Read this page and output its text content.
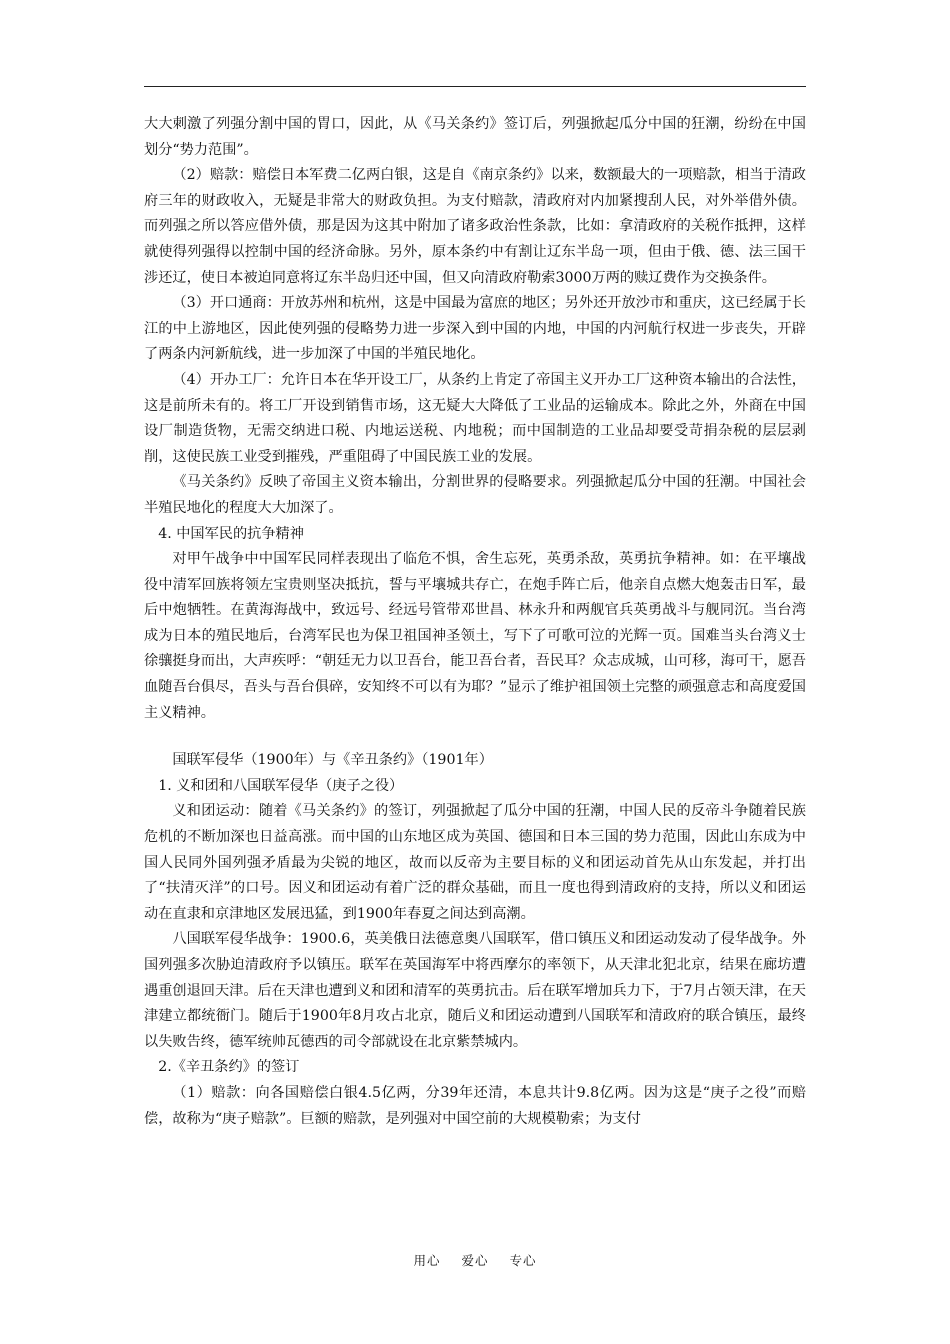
大大刺激了列强分割中国的胃口，因此，从《马关条约》签订后，列强掀起瓜分中国的狂潮，纷纷在中国划分“势力范围”。

（2）赔款：赔偿日本军费二亿两白银，这是自《南京条约》以来，数额最大的一项赔款，相当于清政府三年的财政收入，无疑是非常大的财政负担。为支付赔款，清政府对内加紧搜刮人民，对外举借外债。而列强之所以答应借外债，那是因为这其中附加了诸多政治性条款，比如：拿清政府的关税作抵押，这样就使得列强得以控制中国的经济命脉。另外，原本条约中有割让辽东半岛一项，但由于俄、德、法三国干涉还辽，使日本被迫同意将辽东半岛归还中国，但又向清政府勒索3000万两的赎辽费作为交换条件。

（3）开口通商：开放苏州和杭州，这是中国最为富庶的地区；另外还开放沙市和重庆，这已经属于长江的中上游地区，因此使列强的侵略势力进一步深入到中国的内地，中国的内河航行权进一步丧失，开辟了两条内河新航线，进一步加深了中国的半殖民地化。

（4）开办工厂：允许日本在华开设工厂，从条约上肯定了帝国主义开办工厂这种资本输出的合法性，这是前所未有的。将工厂开设到销售市场，这无疑大大降低了工业品的运输成本。除此之外，外商在中国设厂制造货物，无需交纳进口税、内地运送税、内地税；而中国制造的工业品却要受苛捐杂税的层层剥削，这使民族工业受到摧残，严重阻碍了中国民族工业的发展。

《马关条约》反映了帝国主义资本输出，分割世界的侵略要求。列强掀起瓜分中国的狂潮。中国社会半殖民地化的程度大大加深了。

4. 中国军民的抗争精神

对甲午战争中中国军民同样表现出了临危不惧，舍生忘死，英勇杀敌，英勇抗争精神。如：在平壤战役中清军回族将领左宝贵则坚决抵抗，誓与平壤城共存亡，在炮手阵亡后，他亲自点燃大炮轰击日军，最后中炮牺牲。在黄海海战中，致远号、经远号管带邓世昌、林永升和两舰官兵英勇战斗与舰同沉。当台湾成为日本的殖民地后，台湾军民也为保卫祖国神圣领土，写下了可歌可泣的光辉一页。国难当头台湾义士徐骧挺身而出，大声疾呼：“朝廷无力以卫吾台，能卫吾台者，吾民耳？众志成城，山可移，海可干，愿吾血随吾台俱尽，吾头与吾台俱碎，安知终不可以有为耶？”显示了维护祖国领土完整的顽强意志和高度爱国主义精神。

国联军侵华（1900年）与《辛丑条约》（1901年）

1. 义和团和八国联军侵华（庚子之役）

义和团运动：随着《马关条约》的签订，列强掀起了瓜分中国的狂潮，中国人民的反帝斗争随着民族危机的不断加深也日益高涨。而中国的山东地区成为英国、德国和日本三国的势力范围，因此山东成为中国人民同外国列强矛盾最为尖锐的地区，故而以反帝为主要目标的义和团运动首先从山东发起，并打出了“扶清灭洋”的口号。因义和团运动有着广泛的群众基础，而且一度也得到清政府的支持，所以义和团运动在直隶和京津地区发展迅猛，到1900年春夏之间达到高潮。

八国联军侵华战争：1900.6，英美俄日法德意奥八国联军，借口镇压义和团运动发动了侵华战争。外国列强多次胁迫清政府予以镇压。联军在英国海军中将西摩尔的率领下，从天津北犯北京，结果在廊坊遭遇重创退回天津。后在天津也遭到义和团和清军的英勇抗击。后在联军增加兵力下，于7月占领天津，在天津建立都统衙门。随后于1900年8月攻占北京，随后义和团运动遭到八国联军和清政府的联合镇压，最终以失败告终，德军统帅瓦德西的司令部就设在北京紫禁城内。

2.《辛丑条约》的签订

（1）赔款：向各国赔偿白银4.5亿两，分39年还清，本息共计9.8亿两。因为这是“庚子之役”而赔偿，故称为“庚子赔款”。巨额的赔款，是列强对中国空前的大规模勒索；为支付

用心 爱心 专心
